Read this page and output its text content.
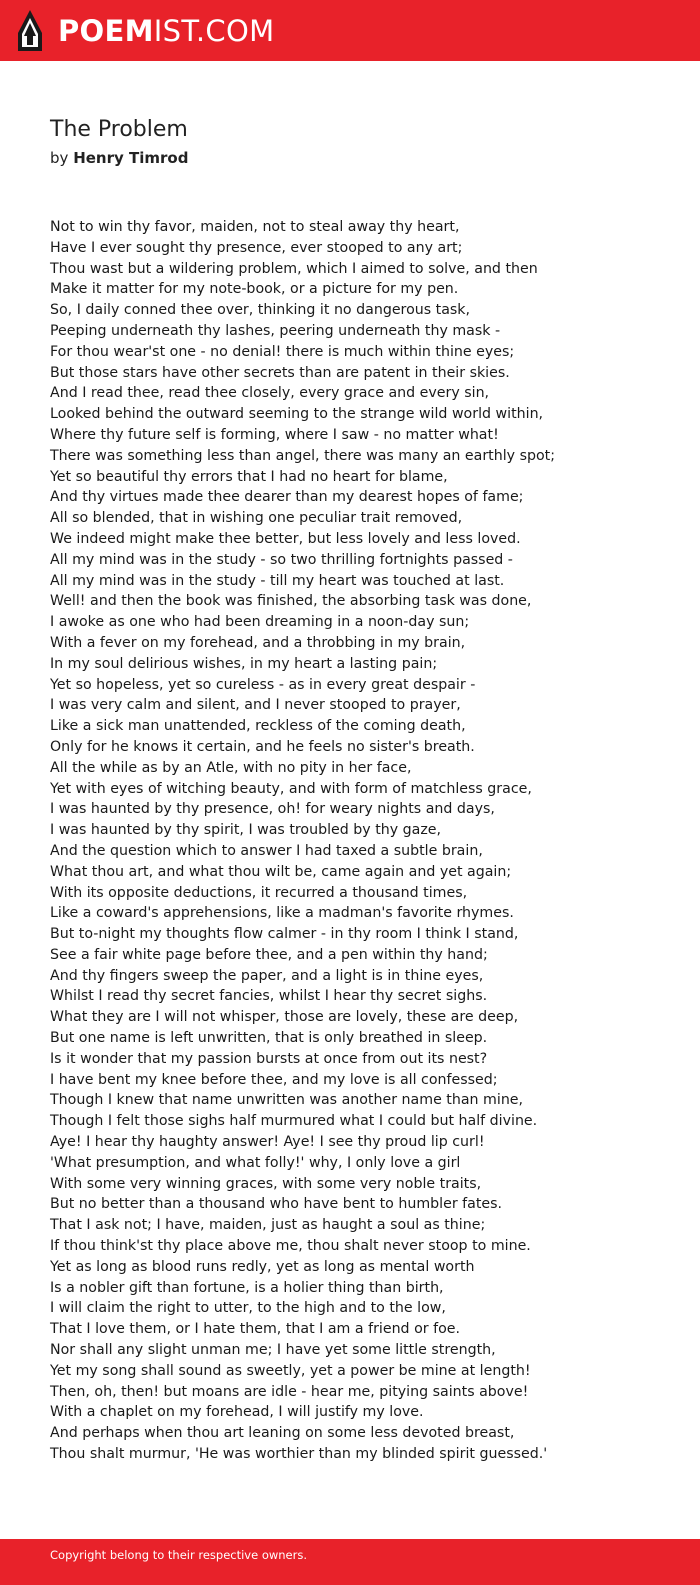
POEMIST.COM
The Problem
by Henry Timrod
Not to win thy favor, maiden, not to steal away thy heart,
Have I ever sought thy presence, ever stooped to any art;
Thou wast but a wildering problem, which I aimed to solve, and then
Make it matter for my note-book, or a picture for my pen.
So, I daily conned thee over, thinking it no dangerous task,
Peeping underneath thy lashes, peering underneath thy mask -
For thou wear'st one - no denial! there is much within thine eyes;
But those stars have other secrets than are patent in their skies.
And I read thee, read thee closely, every grace and every sin,
Looked behind the outward seeming to the strange wild world within,
Where thy future self is forming, where I saw - no matter what!
There was something less than angel, there was many an earthly spot;
Yet so beautiful thy errors that I had no heart for blame,
And thy virtues made thee dearer than my dearest hopes of fame;
All so blended, that in wishing one peculiar trait removed,
We indeed might make thee better, but less lovely and less loved.
All my mind was in the study - so two thrilling fortnights passed -
All my mind was in the study - till my heart was touched at last.
Well! and then the book was finished, the absorbing task was done,
I awoke as one who had been dreaming in a noon-day sun;
With a fever on my forehead, and a throbbing in my brain,
In my soul delirious wishes, in my heart a lasting pain;
Yet so hopeless, yet so cureless - as in every great despair -
I was very calm and silent, and I never stooped to prayer,
Like a sick man unattended, reckless of the coming death,
Only for he knows it certain, and he feels no sister's breath.
All the while as by an Atle, with no pity in her face,
Yet with eyes of witching beauty, and with form of matchless grace,
I was haunted by thy presence, oh! for weary nights and days,
I was haunted by thy spirit, I was troubled by thy gaze,
And the question which to answer I had taxed a subtle brain,
What thou art, and what thou wilt be, came again and yet again;
With its opposite deductions, it recurred a thousand times,
Like a coward's apprehensions, like a madman's favorite rhymes.
But to-night my thoughts flow calmer - in thy room I think I stand,
See a fair white page before thee, and a pen within thy hand;
And thy fingers sweep the paper, and a light is in thine eyes,
Whilst I read thy secret fancies, whilst I hear thy secret sighs.
What they are I will not whisper, those are lovely, these are deep,
But one name is left unwritten, that is only breathed in sleep.
Is it wonder that my passion bursts at once from out its nest?
I have bent my knee before thee, and my love is all confessed;
Though I knew that name unwritten was another name than mine,
Though I felt those sighs half murmured what I could but half divine.
Aye! I hear thy haughty answer! Aye! I see thy proud lip curl!
'What presumption, and what folly!' why, I only love a girl
With some very winning graces, with some very noble traits,
But no better than a thousand who have bent to humbler fates.
That I ask not; I have, maiden, just as haught a soul as thine;
If thou think'st thy place above me, thou shalt never stoop to mine.
Yet as long as blood runs redly, yet as long as mental worth
Is a nobler gift than fortune, is a holier thing than birth,
I will claim the right to utter, to the high and to the low,
That I love them, or I hate them, that I am a friend or foe.
Nor shall any slight unman me; I have yet some little strength,
Yet my song shall sound as sweetly, yet a power be mine at length!
Then, oh, then! but moans are idle - hear me, pitying saints above!
With a chaplet on my forehead, I will justify my love.
And perhaps when thou art leaning on some less devoted breast,
Thou shalt murmur, 'He was worthier than my blinded spirit guessed.'
Copyright belong to their respective owners.
